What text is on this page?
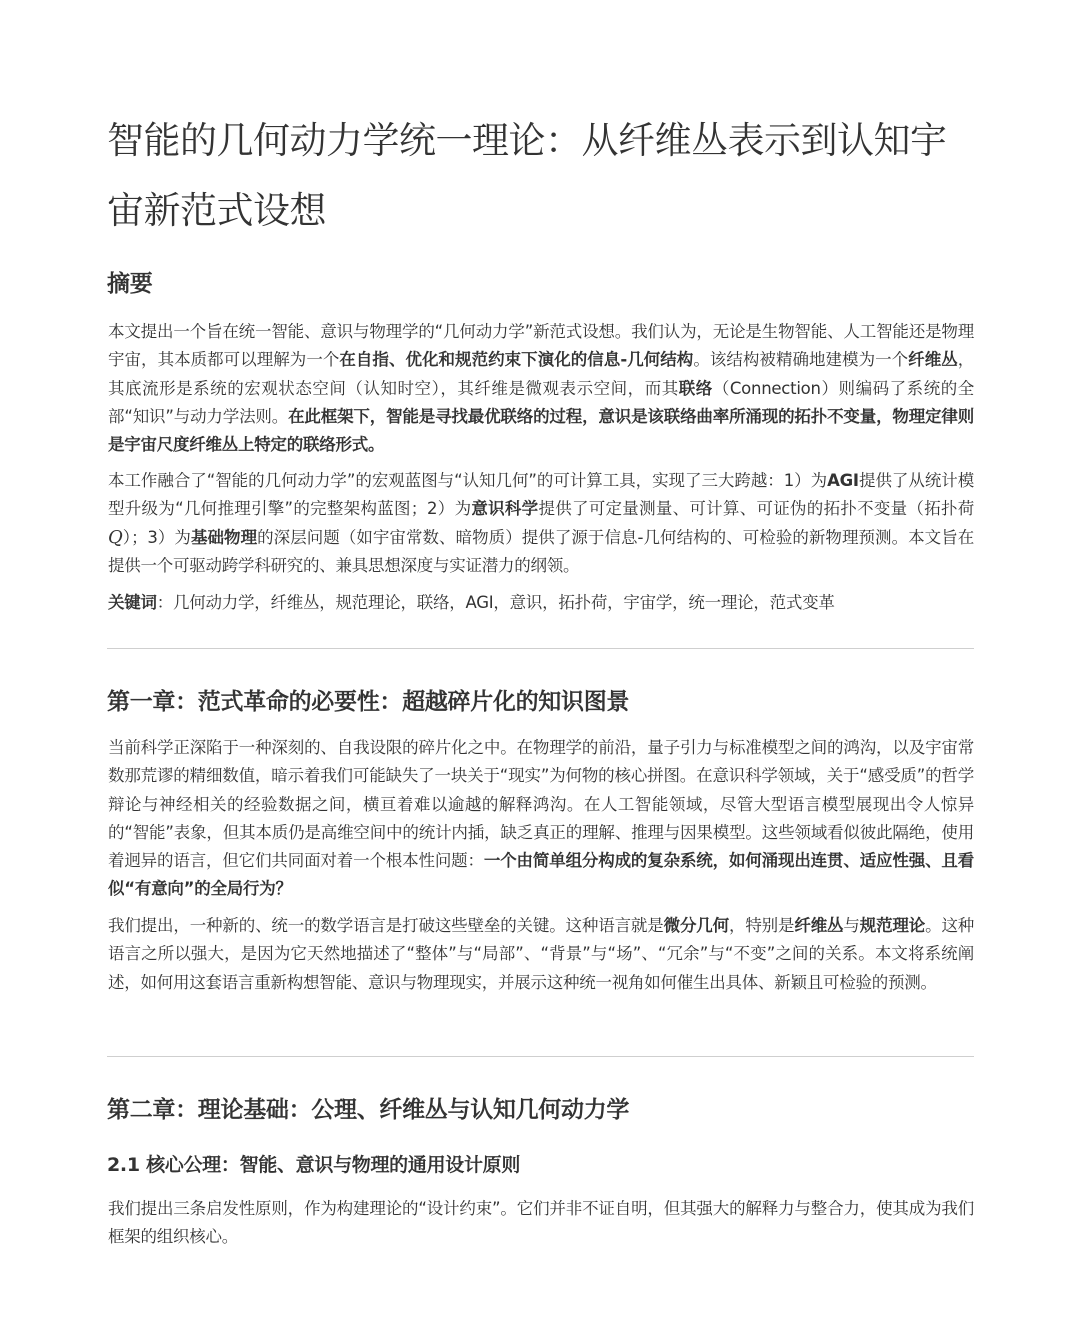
智能的几何动力学统一理论：从纤维丛表示到认知宇宙新范式设想
摘要

本文提出一个旨在统一智能、意识与物理学的“几何动力学”新范式设想。我们认为，无论是生物智能、人工智能还是物理宇宙，其本质都可以理解为一个在自指、优化和规范约束下演化的信息-几何结构。该结构被精确地建模为一个纤维丛，其底流形是系统的宏观状态空间（认知时空），其纤维是微观表示空间，而其联络（Connection）则编码了系统的全部“知识”与动力学法则。在此框架下，智能是寻找最优联络的过程，意识是该联络曲率所涌现的拓扑不变量，物理定律则是宇宙尺度纤维丛上特定的联络形式。

本工作融合了“智能的几何动力学”的宏观蓝图与“认知几何”的可计算工具，实现了三大跨越：1）为AGI提供了从统计模型升级为“几何推理引擎”的完整架构蓝图；2）为意识科学提供了可定量测量、可计算、可证伪的拓扑不变量（拓扑荷 Q）；3）为基础物理的深层问题（如宇宙常数、暗物质）提供了源于信息-几何结构的、可检验的新物理预测。本文旨在提供一个可驱动跨学科研究的、兼具思想深度与实证潜力的纲领。

关键词：几何动力学，纤维丛，规范理论，联络，AGI，意识，拓扑荷，宇宙学，统一理论，范式变革

第一章：范式革命的必要性：超越碎片化的知识图景

当前科学正深陷于一种深刻的、自我设限的碎片化之中。在物理学的前沿，量子引力与标准模型之间的鸿沟，以及宇宙常数那荒谬的精细数值，暗示着我们可能缺失了一块关于“现实”为何物的核心拼图。在意识科学领域，关于“感受质”的哲学辩论与神经相关的经验数据之间，横亘着难以逾越的解释鸿沟。在人工智能领域，尽管大型语言模型展现出令人惊异的“智能”表象，但其本质仍是高维空间中的统计内插，缺乏真正的理解、推理与因果模型。这些领域看似彼此隔绝，使用着迥异的语言，但它们共同面对着一个根本性问题：一个由简单组分构成的复杂系统，如何涌现出连贯、适应性强、且看似“有意向”的全局行为？

我们提出，一种新的、统一的数学语言是打破这些壁垒的关键。这种语言就是微分几何，特别是纤维丛与规范理论。这种语言之所以强大，是因为它天然地描述了“整体”与“局部”、“背景”与“场”、“冗余”与“不变”之间的关系。本文将系统阐述，如何用这套语言重新构想智能、意识与物理现实，并展示这种统一视角如何催生出具体、新颖且可检验的预测。

第二章：理论基础：公理、纤维丛与认知几何动力学
2.1 核心公理：智能、意识与物理的通用设计原则

我们提出三条启发性原则，作为构建理论的“设计约束”。它们并非不证自明，但其强大的解释力与整合力，使其成为我们框架的组织核心。
